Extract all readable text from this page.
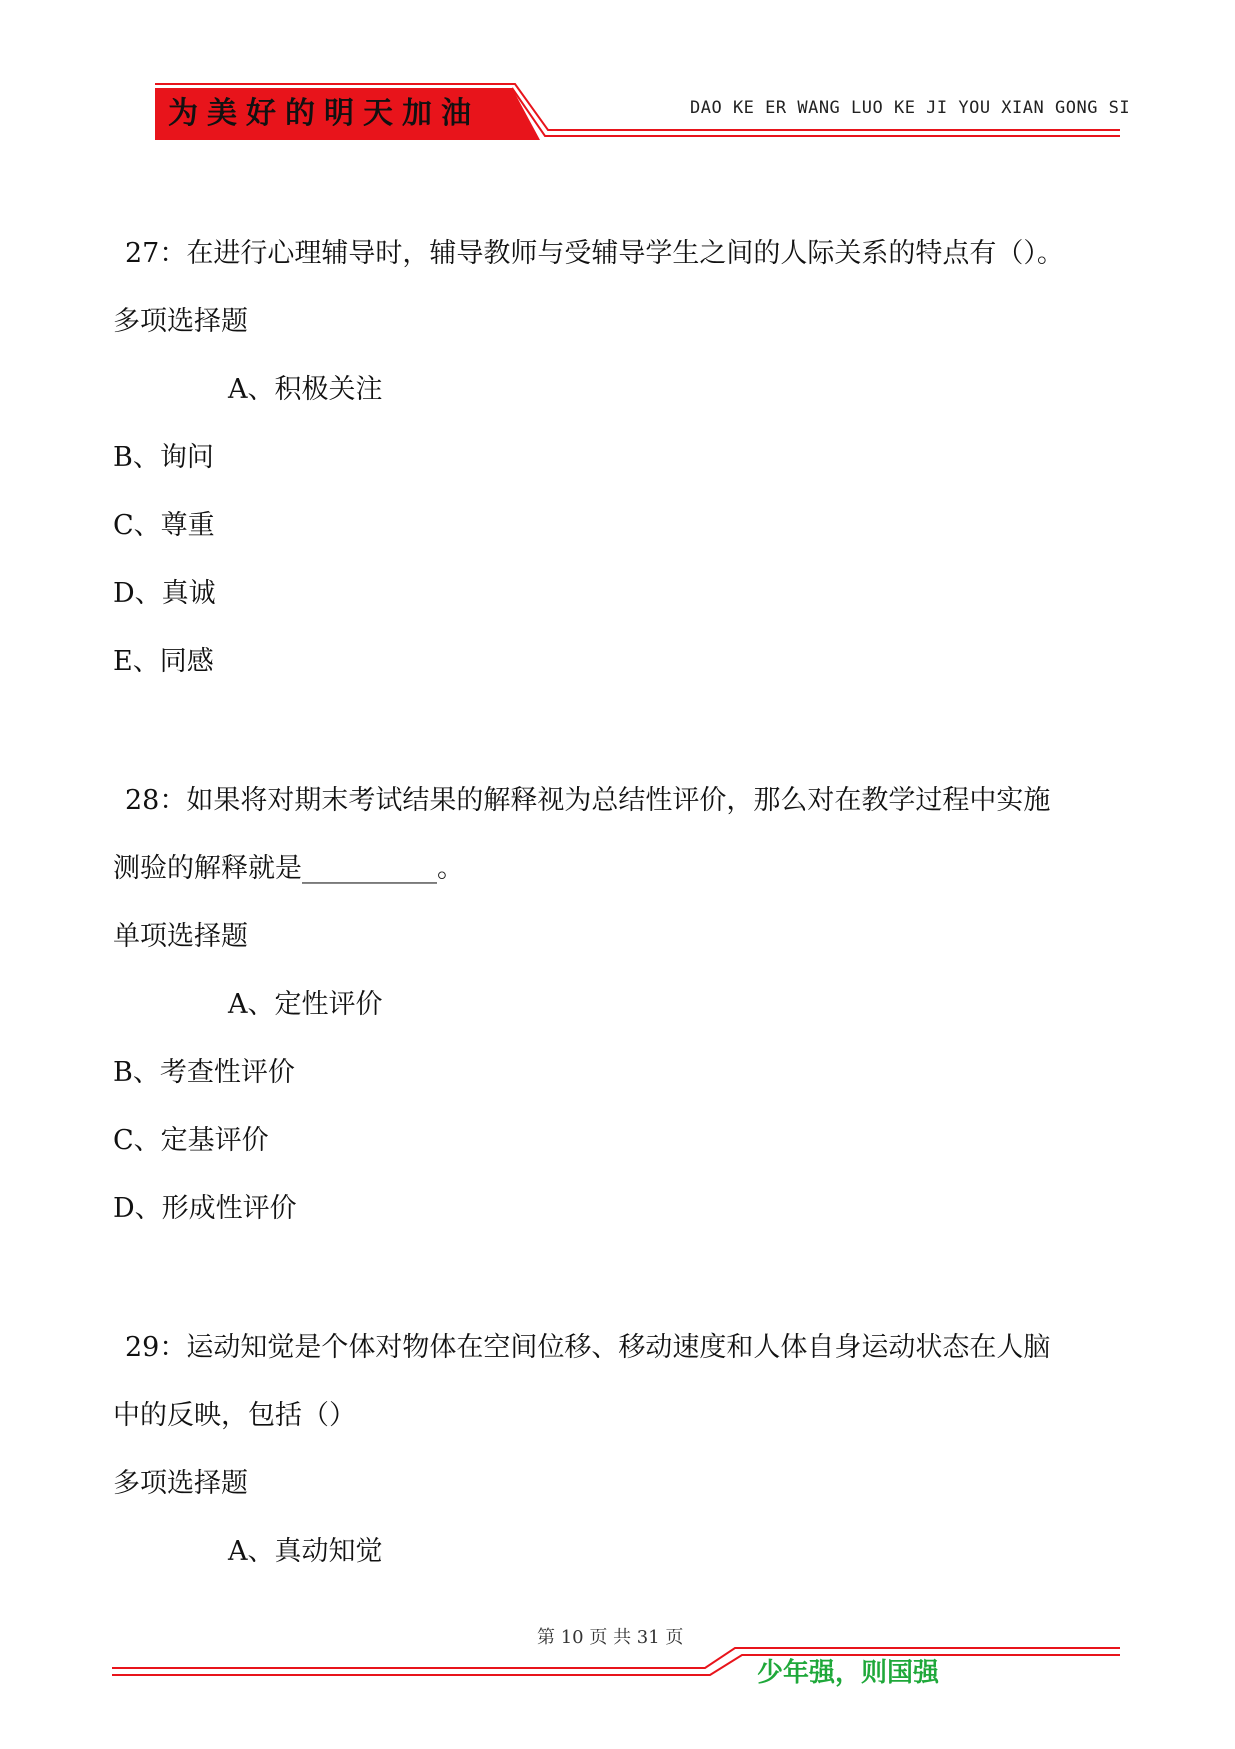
为美好的明天加油	DAO KE ER WANG LUO KE JI YOU XIAN GONG SI
27：在进行心理辅导时，辅导教师与受辅导学生之间的人际关系的特点有（）。
多项选择题
A、积极关注
B、询问
C、尊重
D、真诚
E、同感
28：如果将对期末考试结果的解释视为总结性评价，那么对在教学过程中实施
测验的解释就是__________。
单项选择题
A、定性评价
B、考查性评价
C、定基评价
D、形成性评价
29：运动知觉是个体对物体在空间位移、移动速度和人体自身运动状态在人脑
中的反映，包括（）
多项选择题
A、真动知觉
第 10 页 共 31 页
少年强，则国强
